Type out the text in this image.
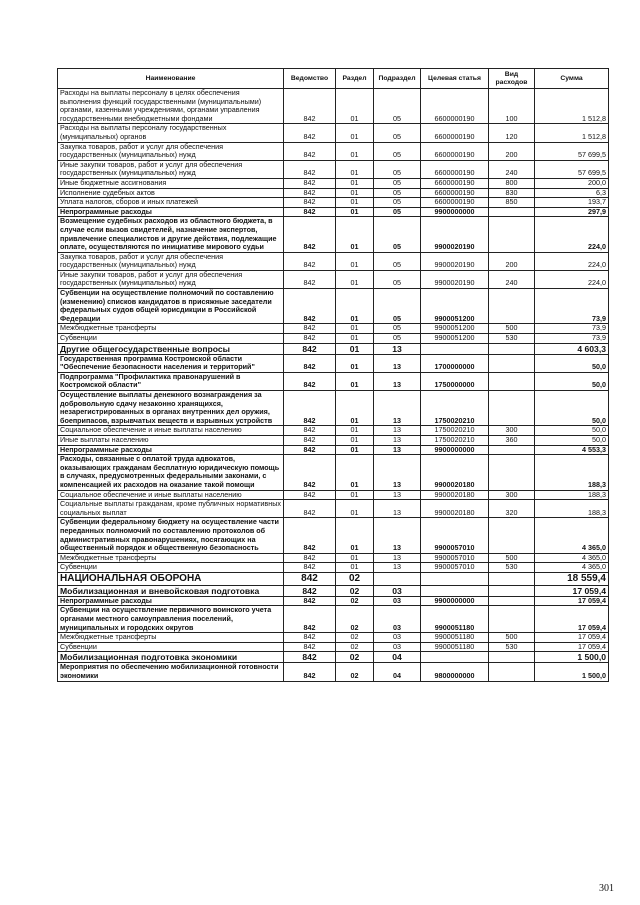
Наименование	Ведомство	Раздел	Подраздел	Целевая статья	Вид расходов	Сумма
Расходы на выплаты персоналу в целях обеспечения выполнения функций государственными (муниципальными) органами, казенными учреждениями, органами управления государственными внебюджетными фондами	842	01	05	6600000190	100	1 512,8
Расходы на выплаты персоналу государственных (муниципальных) органов	842	01	05	6600000190	120	1 512,8
Закупка товаров, работ и услуг для обеспечения государственных (муниципальных) нужд	842	01	05	6600000190	200	57 699,5
Иные закупки товаров, работ и услуг для обеспечения государственных (муниципальных) нужд	842	01	05	6600000190	240	57 699,5
Иные бюджетные ассигнования	842	01	05	6600000190	800	200,0
Исполнение судебных актов	842	01	05	6600000190	830	6,3
Уплата налогов, сборов и иных платежей	842	01	05	6600000190	850	193,7
Непрограммные расходы	842	01	05	9900000000		297,9
Возмещение судебных расходов из областного бюджета, в случае если вызов свидетелей, назначение экспертов, привлечение специалистов и другие действия, подлежащие оплате, осуществляются по инициативе мирового судьи	842	01	05	9900020190		224,0
Закупка товаров, работ и услуг для обеспечения государственных (муниципальных) нужд	842	01	05	9900020190	200	224,0
Иные закупки товаров, работ и услуг для обеспечения государственных (муниципальных) нужд	842	01	05	9900020190	240	224,0
Субвенции на осуществление полномочий по составлению (изменению) списков кандидатов в присяжные заседатели федеральных судов общей юрисдикции в Российской Федерации	842	01	05	9900051200		73,9
Межбюджетные трансферты	842	01	05	9900051200	500	73,9
Субвенции	842	01	05	9900051200	530	73,9
Другие общегосударственные вопросы	842	01	13			4 603,3
Государственная программа Костромской области "Обеспечение безопасности населения и территорий"	842	01	13	1700000000		50,0
Подпрограмма "Профилактика правонарушений в Костромской области"	842	01	13	1750000000		50,0
Осуществление выплаты денежного вознаграждения за добровольную сдачу незаконно хранящихся, незарегистрированных в органах внутренних дел оружия, боеприпасов, взрывчатых веществ и взрывных устройств	842	01	13	1750020210		50,0
Социальное обеспечение и иные выплаты населению	842	01	13	1750020210	300	50,0
Иные выплаты населению	842	01	13	1750020210	360	50,0
Непрограммные расходы	842	01	13	9900000000		4 553,3
Расходы, связанные с оплатой труда адвокатов, оказывающих гражданам бесплатную юридическую помощь в случаях, предусмотренных федеральными законами, с компенсацией их расходов на оказание такой помощи	842	01	13	9900020180		188,3
Социальное обеспечение и иные выплаты населению	842	01	13	9900020180	300	188,3
Социальные выплаты гражданам, кроме публичных нормативных социальных выплат	842	01	13	9900020180	320	188,3
Субвенции федеральному бюджету на осуществление части переданных полномочий по составлению протоколов об административных правонарушениях, посягающих на общественный порядок и общественную безопасность	842	01	13	9900057010		4 365,0
Межбюджетные трансферты	842	01	13	9900057010	500	4 365,0
Субвенции	842	01	13	9900057010	530	4 365,0
НАЦИОНАЛЬНАЯ ОБОРОНА	842	02				18 559,4
Мобилизационная и вневойсковая подготовка	842	02	03			17 059,4
Непрограммные расходы	842	02	03	9900000000		17 059,4
Субвенции на осуществление первичного воинского учета органами местного самоуправления поселений, муниципальных и городских округов	842	02	03	9900051180		17 059,4
Межбюджетные трансферты	842	02	03	9900051180	500	17 059,4
Субвенции	842	02	03	9900051180	530	17 059,4
Мобилизационная подготовка экономики	842	02	04			1 500,0
Мероприятия по обеспечению мобилизационной готовности экономики	842	02	04	9800000000		1 500,0
301
